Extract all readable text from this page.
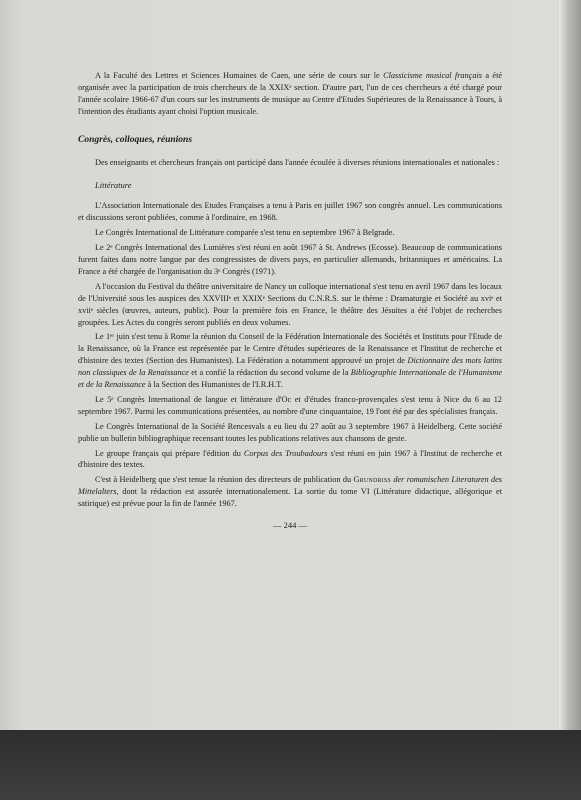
A la Faculté des Lettres et Sciences Humaines de Caen, une série de cours sur le Classicisme musical français a été organisée avec la participation de trois chercheurs de la XXIXᵉ section. D'autre part, l'un de ces chercheurs a été chargé pour l'année scolaire 1966-67 d'un cours sur les instruments de musique au Centre d'Etudes Supérieures de la Renaissance à Tours, à l'intention des étudiants ayant choisi l'option musicale.

Congrès, colloques, réunions

Des enseignants et chercheurs français ont participé dans l'année écoulée à diverses réunions internationales et nationales :

Littérature

L'Association Internationale des Etudes Françaises a tenu à Paris en juillet 1967 son congrès annuel. Les communications et discussions seront publiées, comme à l'ordinaire, en 1968.

Le Congrès International de Littérature comparée s'est tenu en septembre 1967 à Belgrade.

Le 2ᵉ Congrès International des Lumières s'est réuni en août 1967 à St. Andrews (Ecosse). Beaucoup de communications furent faites dans notre langue par des congressistes de divers pays, en particulier allemands, britanniques et américains. La France a été chargée de l'organisation du 3ᵉ Congrès (1971).

A l'occasion du Festival du théâtre universitaire de Nancy un colloque international s'est tenu en avril 1967 dans les locaux de l'Université sous les auspices des XXVIIIᵉ et XXIXᵉ Sections du C.N.R.S. sur le thème : Dramaturgie et Société au xviᵉ et xviiᵉ siècles (œuvres, auteurs, public). Pour la première fois en France, le théâtre des Jésuites a été l'objet de recherches groupées. Les Actes du congrès seront publiés en deux volumes.

Le 1ᵉʳ juin s'est tenu à Rome la réunion du Conseil de la Fédération Internationale des Sociétés et Instituts pour l'Etude de la Renaissance, où la France est représentée par le Centre d'études supérieures de la Renaissance et l'Institut de recherche et d'histoire des textes (Section des Humanistes). La Fédération a notamment approuvé un projet de Dictionnaire des mots latins non classiques de la Renaissance et a confié la rédaction du second volume de la Bibliographie Internationale de l'Humanisme et de la Renaissance à la Section des Humanistes de l'I.R.H.T.

Le 5ᵉ Congrès International de langue et littérature d'Oc et d'études franco-provençales s'est tenu à Nice du 6 au 12 septembre 1967. Parmi les communications présentées, au nombre d'une cinquantaine, 19 l'ont été par des spécialistes français.

Le Congrès International de la Société Rencesvals a eu lieu du 27 août au 3 septembre 1967 à Heidelberg. Cette société publie un bulletin bibliographique recensant toutes les publications relatives aux chansons de geste.

Le groupe français qui prépare l'édition du Corpus des Troubadours s'est réuni en juin 1967 à l'Institut de recherche et d'histoire des textes.

C'est à Heidelberg que s'est tenue la réunion des directeurs de publication du Grundriss der romanischen Literaturen des Mittelalters, dont la rédaction est assurée internationalement. La sortie du tome VI (Littérature didactique, allégorique et satirique) est prévue pour la fin de l'année 1967.

— 244 —
